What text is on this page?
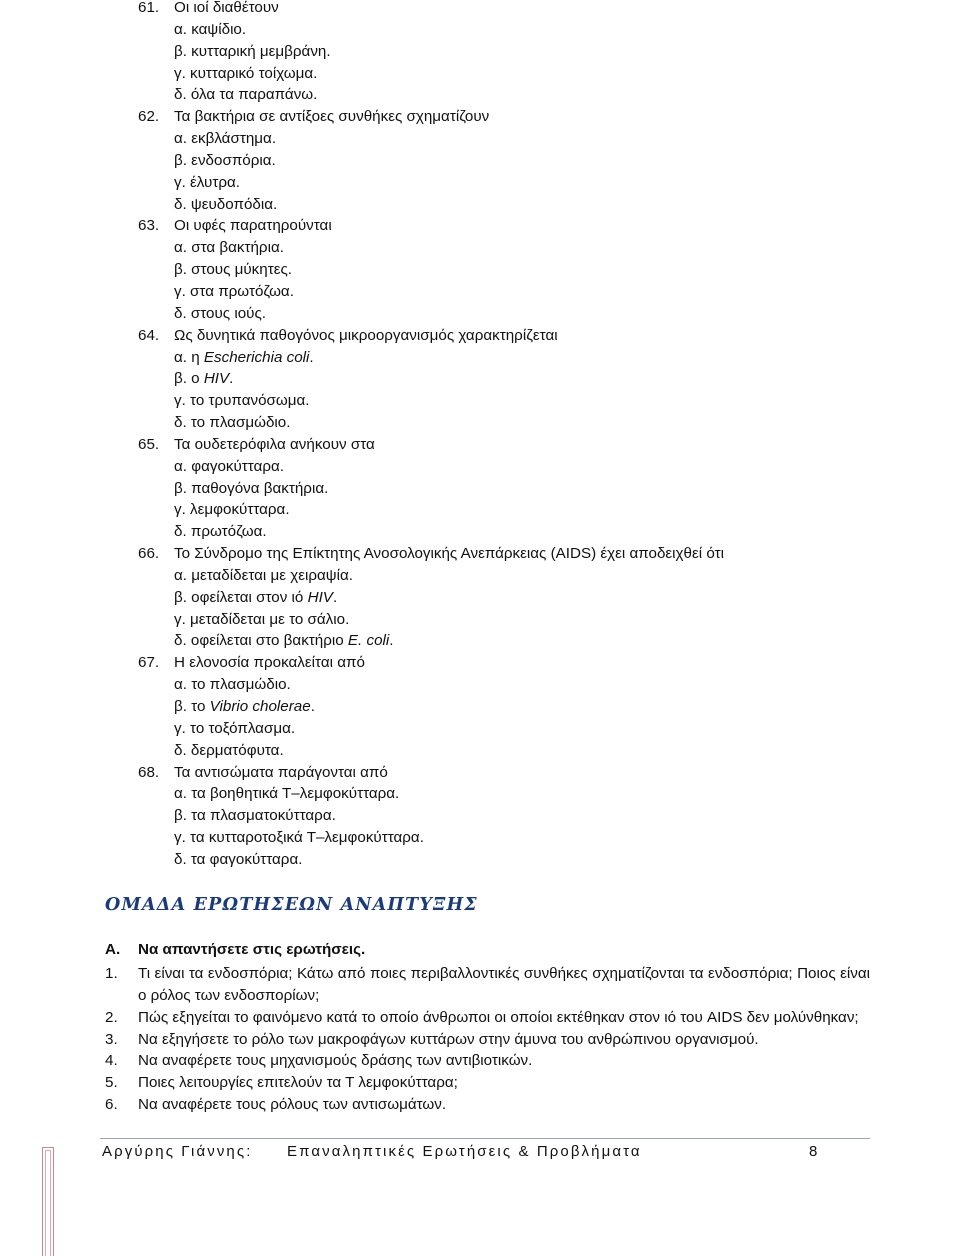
61. Οι ιοί διαθέτουν
α. καψίδιο.
β. κυτταρική μεμβράνη.
γ. κυτταρικό τοίχωμα.
δ. όλα τα παραπάνω.
62. Τα βακτήρια σε αντίξοες συνθήκες σχηματίζουν
α. εκβλάστημα.
β. ενδοσπόρια.
γ. έλυτρα.
δ. ψευδοπόδια.
63. Οι υφές παρατηρούνται
α. στα βακτήρια.
β. στους μύκητες.
γ. στα πρωτόζωα.
δ. στους ιούς.
64. Ως δυνητικά παθογόνος μικροοργανισμός χαρακτηρίζεται
α. η Escherichia coli.
β. ο HIV.
γ. το τρυπανόσωμα.
δ. το πλασμώδιο.
65. Τα ουδετερόφιλα ανήκουν στα
α. φαγοκύτταρα.
β. παθογόνα βακτήρια.
γ. λεμφοκύτταρα.
δ. πρωτόζωα.
66. Το Σύνδρομο της Επίκτητης Ανοσολογικής Ανεπάρκειας (AIDS) έχει αποδειχθεί ότι
α. μεταδίδεται με χειραψία.
β. οφείλεται στον ιό HIV.
γ. μεταδίδεται με το σάλιο.
δ. οφείλεται στο βακτήριο E. coli.
67. Η ελονοσία προκαλείται από
α. το πλασμώδιο.
β. το Vibrio cholerae.
γ. το τοξόπλασμα.
δ. δερματόφυτα.
68. Τα αντισώματα παράγονται από
α. τα βοηθητικά Τ–λεμφοκύτταρα.
β. τα πλασματοκύτταρα.
γ. τα κυτταροτοξικά Τ–λεμφοκύτταρα.
δ. τα φαγοκύτταρα.
ΟΜΑΔΑ ΕΡΩΤΗΣΕΩΝ ΑΝΑΠΤΥΞΗΣ
Α.	Να απαντήσετε στις ερωτήσεις.
1.	Τι είναι τα ενδοσπόρια; Κάτω από ποιες περιβαλλοντικές συνθήκες σχηματίζονται τα ενδοσπόρια; Ποιος είναι ο ρόλος των ενδοσπορίων;
2.	Πώς εξηγείται το φαινόμενο κατά το οποίο άνθρωποι οι οποίοι εκτέθηκαν στον ιό του AIDS δεν μολύνθηκαν;
3.	Να εξηγήσετε το ρόλο των μακροφάγων κυττάρων στην άμυνα του ανθρώπινου οργανισμού.
4.	Να αναφέρετε τους μηχανισμούς δράσης των αντιβιοτικών.
5.	Ποιες λειτουργίες επιτελούν τα Τ λεμφοκύτταρα;
6.	Να αναφέρετε τους ρόλους των αντισωμάτων.
Αργύρης Γιάννης: Επαναληπτικές Ερωτήσεις & Προβλήματα	8
